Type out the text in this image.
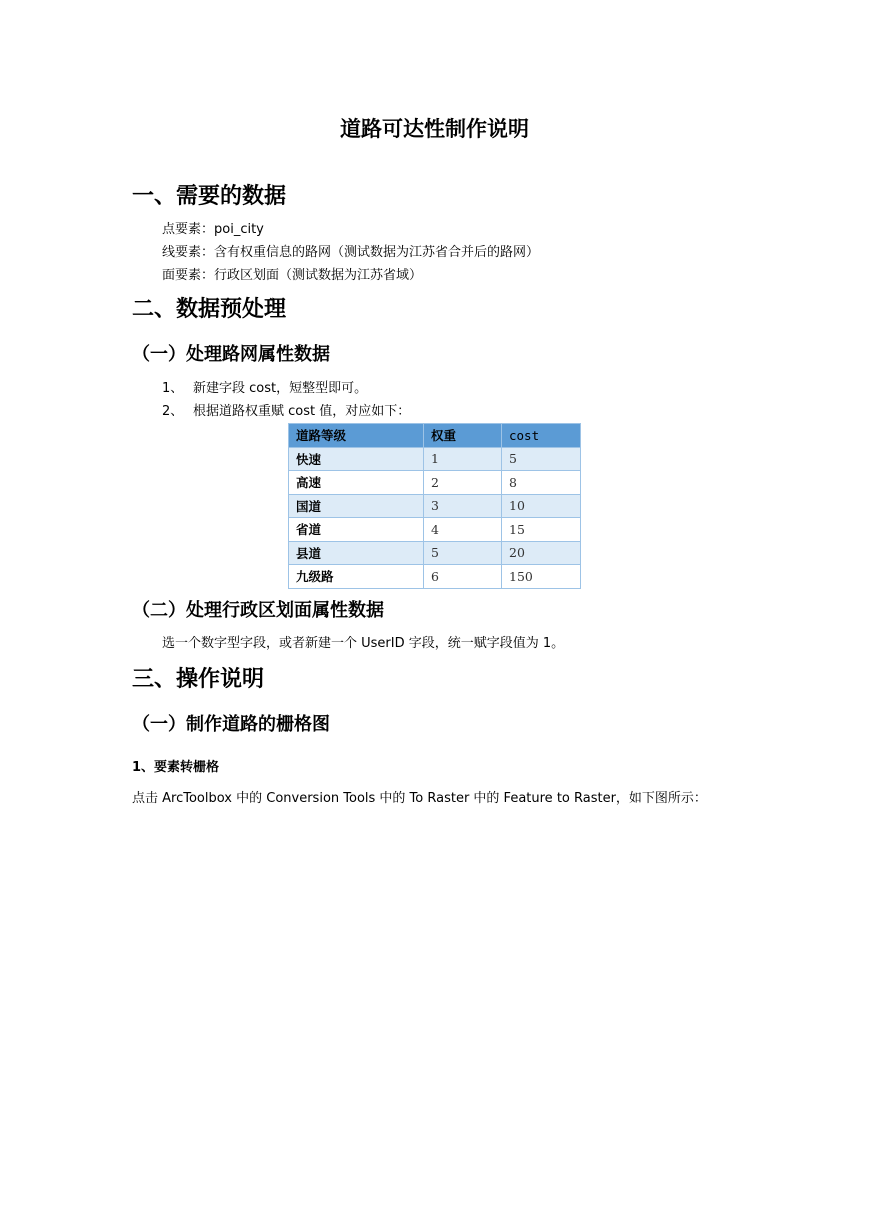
道路可达性制作说明
一、需要的数据
点要素：poi_city
线要素：含有权重信息的路网（测试数据为江苏省合并后的路网）
面要素：行政区划面（测试数据为江苏省域）
二、数据预处理
（一）处理路网属性数据
1、 新建字段 cost，短整型即可。
2、 根据道路权重赋 cost 值，对应如下：
道路等级	权重	cost
快速	1	5
高速	2	8
国道	3	10
省道	4	15
县道	5	20
九级路	6	150
（二）处理行政区划面属性数据
选一个数字型字段，或者新建一个 UserID 字段，统一赋字段值为 1。
三、操作说明
（一）制作道路的栅格图
1、要素转栅格
点击 ArcToolbox 中的 Conversion Tools 中的 To Raster 中的 Feature to Raster，如下图所示：
